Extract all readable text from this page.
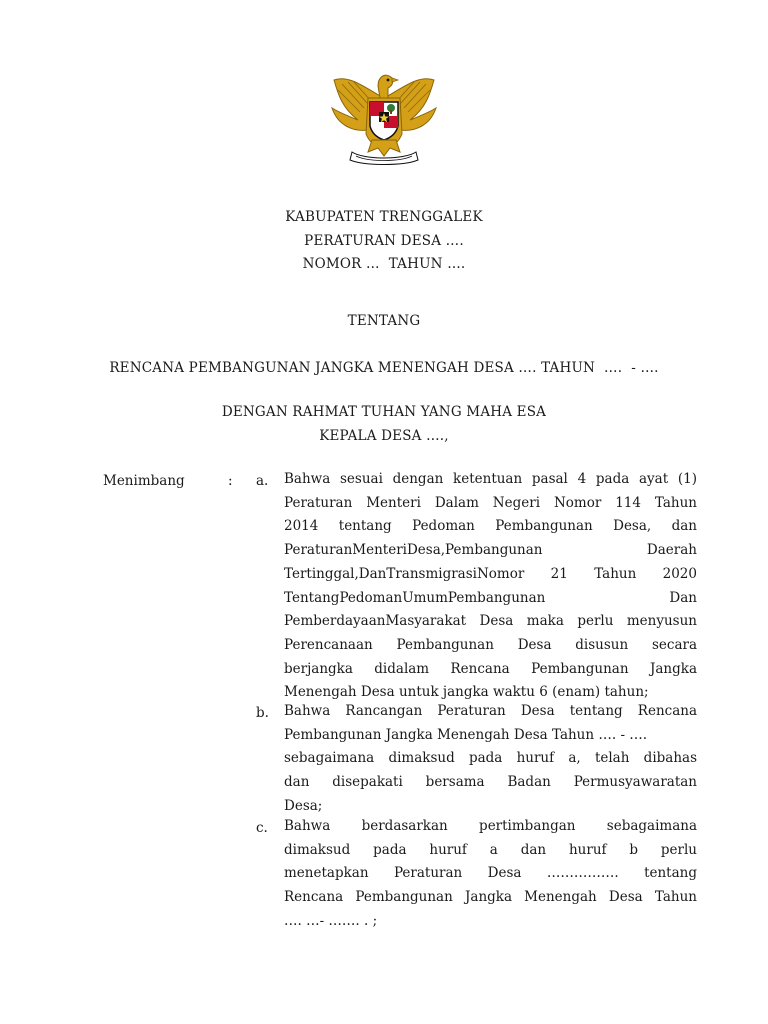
KABUPATEN TRENGGALEK
PERATURAN DESA ….
NOMOR …  TAHUN ….
TENTANG
RENCANA PEMBANGUNAN JANGKA MENENGAH DESA …. TAHUN  ….  - ….
DENGAN RAHMAT TUHAN YANG MAHA ESA
KEPALA DESA ….,
Menimbang	: a. Bahwa sesuai dengan ketentuan pasal 4 pada ayat (1)
Peraturan Menteri Dalam Negeri Nomor 114 Tahun
2014 tentang Pedoman Pembangunan Desa, dan
PeraturanMenteriDesa,Pembangunan Daerah
Tertinggal,DanTransmigrasiNomor 21 Tahun 2020
TentangPedomanUmumPembangunan Dan
PemberdayaanMasyarakat Desa maka perlu menyusun
Perencanaan Pembangunan Desa disusun secara
berjangka didalam Rencana Pembangunan Jangka
Menengah Desa untuk jangka waktu 6 (enam) tahun;
b. Bahwa Rancangan Peraturan Desa tentang Rencana
Pembangunan Jangka Menengah Desa Tahun …. - ….
sebagaimana dimaksud pada huruf a, telah dibahas
dan disepakati bersama Badan Permusyawaratan
Desa;
c. Bahwa berdasarkan pertimbangan sebagaimana
dimaksud pada huruf a dan huruf b perlu
menetapkan Peraturan Desa ……………. tentang
Rencana Pembangunan Jangka Menengah Desa Tahun
…. …- ……. . ;
